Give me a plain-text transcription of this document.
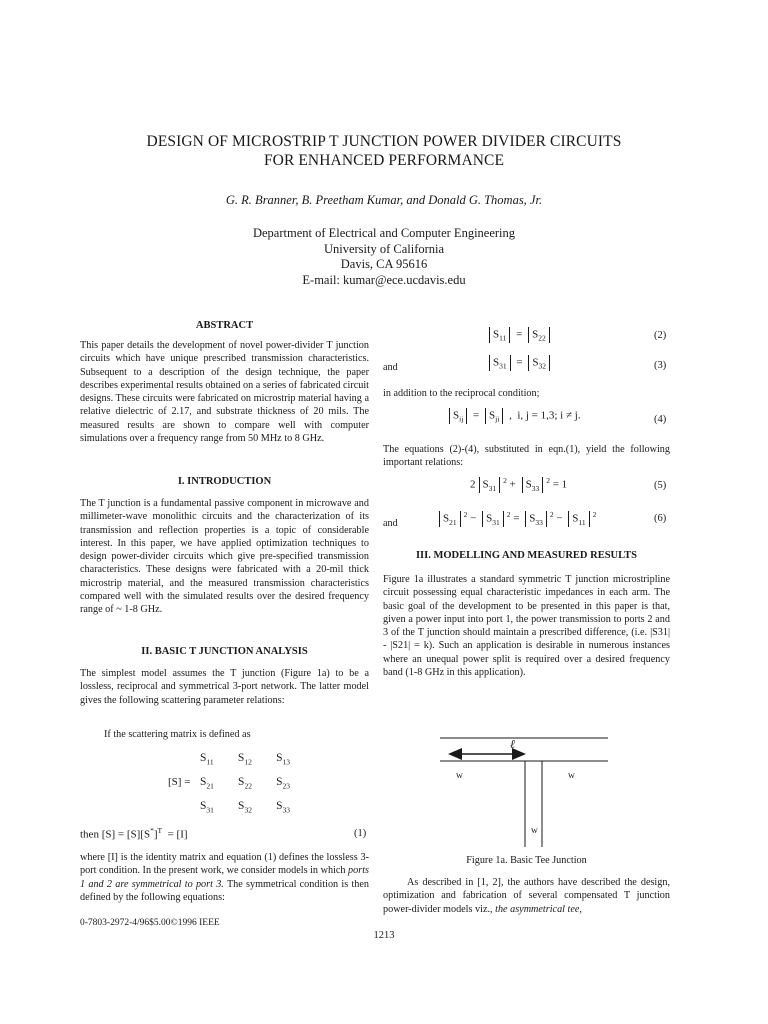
DESIGN OF MICROSTRIP T JUNCTION POWER DIVIDER CIRCUITS
FOR ENHANCED PERFORMANCE
G. R. Branner, B. Preetham Kumar, and Donald G. Thomas, Jr.
Department of Electrical and Computer Engineering
University of California
Davis, CA 95616
E-mail: kumar@ece.ucdavis.edu
ABSTRACT
This paper details the development of novel power-divider T junction circuits which have unique prescribed transmission characteristics. Subsequent to a description of the design technique, the paper describes experimental results obtained on a series of fabricated circuit designs. These circuits were fabricated on microstrip material having a relative dielectric of 2.17, and substrate thickness of 20 mils. The measured results are shown to compare well with computer simulations over a frequency range from 50 MHz to 8 GHz.
I. INTRODUCTION
The T junction is a fundamental passive component in microwave and millimeter-wave monolithic circuits and the characterization of its transmission and reflection properties is a topic of considerable interest. In this paper, we have applied optimization techniques to design power-divider circuits which give pre-specified transmission characteristics. These designs were fabricated with a 20-mil thick microstrip material, and the measured transmission characteristics compared well with the simulated results over the desired frequency range of ~ 1-8 GHz.
II. BASIC T JUNCTION ANALYSIS
The simplest model assumes the T junction (Figure 1a) to be a lossless, reciprocal and symmetrical 3-port network. The latter model gives the following scattering parameter relations:
If the scattering matrix is defined as
[S] =
$S_{11}$ $S_{12}$ $S_{13}$
$S_{21}$ $S_{22}$ $S_{23}$
$S_{31}$ $S_{32}$ $S_{33}$
then $[S] = [S][S^*]^T = [I]$	(1)
where [I] is the identity matrix and equation (1) defines the lossless 3-port condition. In the present work, we consider models in which ports 1 and 2 are symmetrical to port 3. The symmetrical condition is then defined by the following equations:
0-7803-2972-4/96$5.00©1996 IEEE
$S_{11} = S_{22}$	(2)
and	$S_{31} = S_{32}$	(3)
in addition to the reciprocal condition;
$S_{ij} = S_{ji}$ ,  i, j = 1,3; i ≠ j.	(4)
The equations (2)-(4), substituted in eqn.(1), yield the following important relations:
2 $S_{31}^2 + S_{33}^2 = 1$	(5)
and	$S_{21}^2 - S_{31}^2 = S_{33}^2 - S_{11}^2$	(6)
III. MODELLING AND MEASURED RESULTS
Figure 1a illustrates a standard symmetric T junction microstripline circuit possessing equal characteristic impedances in each arm. The basic goal of the development to be presented in this paper is that, given a power input into port 1, the power transmission to ports 2 and 3 of the T junction should maintain a prescribed difference, (i.e. |S31| - |S21| = k). Such an application is desirable in numerous instances where an unequal power split is required over a desired frequency band (1-8 GHz in this application).
ℓ
w	w
w
Figure 1a. Basic Tee Junction
As described in [1, 2], the authors have described the design, optimization and fabrication of several compensated T junction power-divider models viz., the asymmetrical tee,
1213
